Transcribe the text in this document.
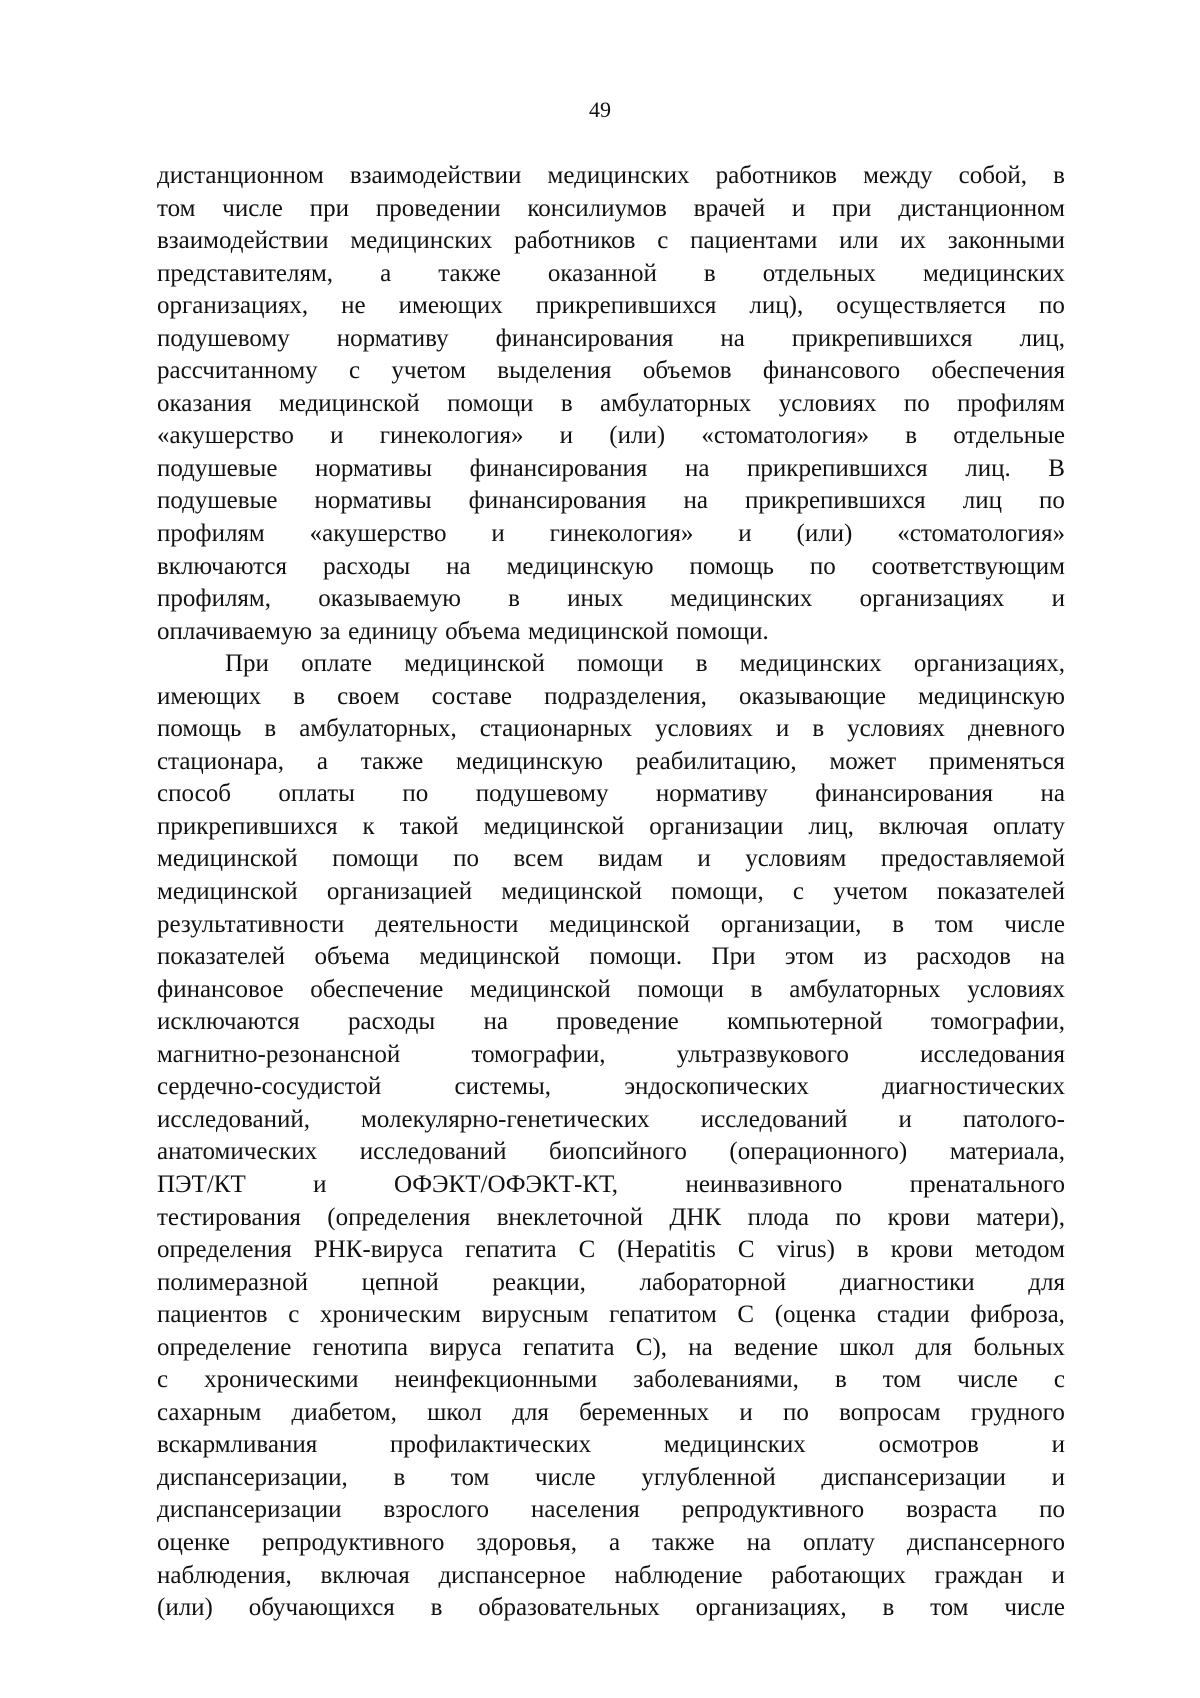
49
дистанционном взаимодействии медицинских работников между собой, в
том числе при проведении консилиумов врачей и при дистанционном
взаимодействии медицинских работников с пациентами или их законными
представителям, а также оказанной в отдельных медицинских
организациях, не имеющих прикрепившихся лиц), осуществляется по
подушевому нормативу финансирования на прикрепившихся лиц,
рассчитанному с учетом выделения объемов финансового обеспечения
оказания медицинской помощи в амбулаторных условиях по профилям
«акушерство и гинекология» и (или) «стоматология» в отдельные
подушевые нормативы финансирования на прикрепившихся лиц. В
подушевые нормативы финансирования на прикрепившихся лиц по
профилям «акушерство и гинекология» и (или) «стоматология»
включаются расходы на медицинскую помощь по соответствующим
профилям, оказываемую в иных медицинских организациях и
оплачиваемую за единицу объема медицинской помощи.
При оплате медицинской помощи в медицинских организациях,
имеющих в своем составе подразделения, оказывающие медицинскую
помощь в амбулаторных, стационарных условиях и в условиях дневного
стационара, а также медицинскую реабилитацию, может применяться
способ оплаты по подушевому нормативу финансирования на
прикрепившихся к такой медицинской организации лиц, включая оплату
медицинской помощи по всем видам и условиям предоставляемой
медицинской организацией медицинской помощи, с учетом показателей
результативности деятельности медицинской организации, в том числе
показателей объема медицинской помощи. При этом из расходов на
финансовое обеспечение медицинской помощи в амбулаторных условиях
исключаются расходы на проведение компьютерной томографии,
магнитно-резонансной	томографии,	ультразвукового	исследования
сердечно-сосудистой	системы,	эндоскопических	диагностических
исследований, молекулярно-генетических исследований и патолого-
анатомических исследований биопсийного (операционного) материала,
ПЭТ/КТ	и	ОФЭКТ/ОФЭКТ-КТ,	неинвазивного	пренатального
тестирования (определения внеклеточной ДНК плода по крови матери),
определения РНК-вируса гепатита С (Hepatitis С virus) в крови методом
полимеразной цепной реакции, лабораторной диагностики для
пациентов с хроническим вирусным гепатитом С (оценка стадии фиброза,
определение генотипа вируса гепатита С), на ведение школ для больных
с хроническими неинфекционными заболеваниями, в том числе с
сахарным диабетом, школ для беременных и по вопросам грудного
вскармливания	профилактических	медицинских	осмотров	и
диспансеризации, в том числе углубленной диспансеризации и
диспансеризации взрослого населения репродуктивного возраста по
оценке репродуктивного здоровья, а также на оплату диспансерного
наблюдения, включая диспансерное наблюдение работающих граждан и
(или) обучающихся в образовательных организациях, в том числе
